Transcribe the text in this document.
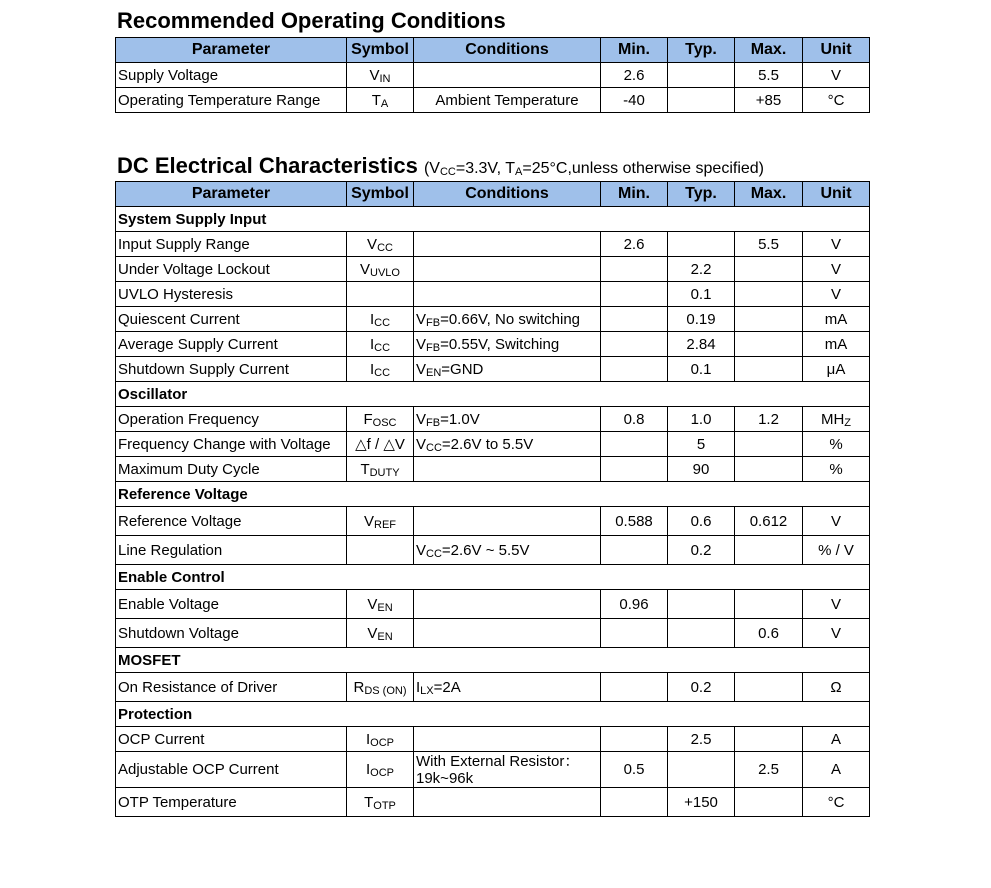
Recommended Operating Conditions
Parameter	Symbol	Conditions	Min.	Typ.	Max.	Unit
Supply Voltage	$V_{IN}$		2.6		5.5	V
Operating Temperature Range	$T_A$	Ambient Temperature	-40		+85	°C
DC Electrical Characteristics ($V_{CC}=3.3V$, $T_A=25^\circ C,unless$ otherwise specified)
Parameter	Symbol	Conditions	Min.	Typ.	Max.	Unit
System Supply Input						
Input Supply Range	$V_{CC}$		2.6		5.5	V
Under Voltage Lockout	$V_{UVLO}$			2.2		V
UVLO Hysteresis				0.1		V
Quiescent Current	$I_{CC}$	$V_{FB}=0.66V$, No switching		0.19		mA
Average Supply Current	$I_{CC}$	$V_{FB}=0.55V$, Switching		2.84		mA
Shutdown Supply Current	$I_{CC}$	$V_{EN}=GND$		0.1		μA
Oscillator						
Operation Frequency	$F_{OSC}$	$V_{FB}=1.0V$	0.8	1.0	1.2	$MH_Z$
Frequency Change with Voltage	△f / △V	$V_{CC}=2.6V$ to 5.5V		5		%
Maximum Duty Cycle	$T_{DUTY}$			90		%
Reference Voltage						
Reference Voltage	$V_{REF}$		0.588	0.6	0.612	V
Line Regulation		$V_{CC}=2.6V$ ~ 5.5V		0.2		% / V
Enable Control						
Enable Voltage	$V_{EN}$		0.96			V
Shutdown Voltage	$V_{EN}$				0.6	V
MOSFET						
On Resistance of Driver	$R_{DS (ON)}$	$I_{LX}=2A$		0.2		Ω
Protection						
OCP Current	$I_{OCP}$			2.5		A
Adjustable OCP Current	$I_{OCP}$	With External Resistor：19k~96k	0.5		2.5	A
OTP Temperature	$T_{OTP}$			+150		°C
